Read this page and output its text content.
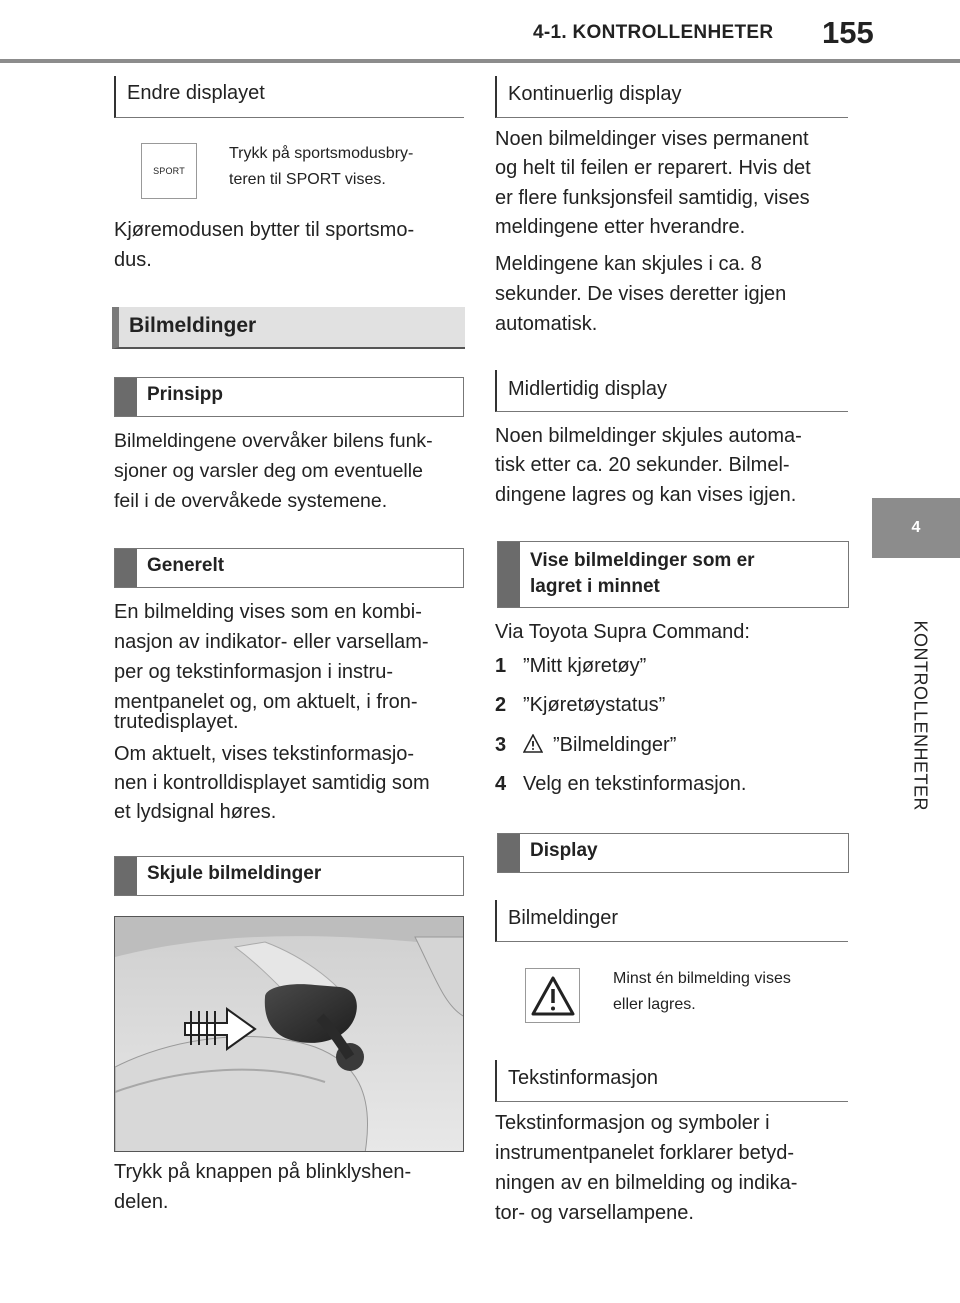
4-1. KONTROLLENHETER 155
4
KONTROLLENHETER
Endre displayet
SPORT

Trykk på sportsmodusbry-

teren til SPORT vises.

Kjøremodusen bytter til sportsmo-

dus.

Bilmeldinger
Prinsipp

Bilmeldingene overvåker bilens funk-

sjoner og varsler deg om eventuelle

feil i de overvåkede systemene.

Generelt

En bilmelding vises som en kombi-

nasjon av indikator- eller varsellam-

per og tekstinformasjon i instru-

mentpanelet og, om aktuelt, i fron-

trutedisplayet.

Om aktuelt, vises tekstinformasjo-

nen i kontrolldisplayet samtidig som

et lydsignal høres.

Skjule bilmeldinger

Trykk på knappen på blinklyshen-

delen.

Kontinuerlig display

Noen bilmeldinger vises permanent

og helt til feilen er reparert. Hvis det

er flere funksjonsfeil samtidig, vises

meldingene etter hverandre.

Meldingene kan skjules i ca. 8

sekunder. De vises deretter igjen

automatisk.

Midlertidig display

Noen bilmeldinger skjules automa-

tisk etter ca. 20 sekunder. Bilmel-

dingene lagres og kan vises igjen.

Vise bilmeldinger som er
lagret i minnet

Via Toyota Supra Command:

1 ”Mitt kjøretøy”
2 ”Kjøretøystatus”
3 ”Bilmeldinger”
4 Velg en tekstinformasjon.
Display
Bilmeldinger

Minst én bilmelding vises

eller lagres.

Tekstinformasjon

Tekstinformasjon og symboler i

instrumentpanelet forklarer betyd-

ningen av en bilmelding og indika-

tor- og varsellampene.
